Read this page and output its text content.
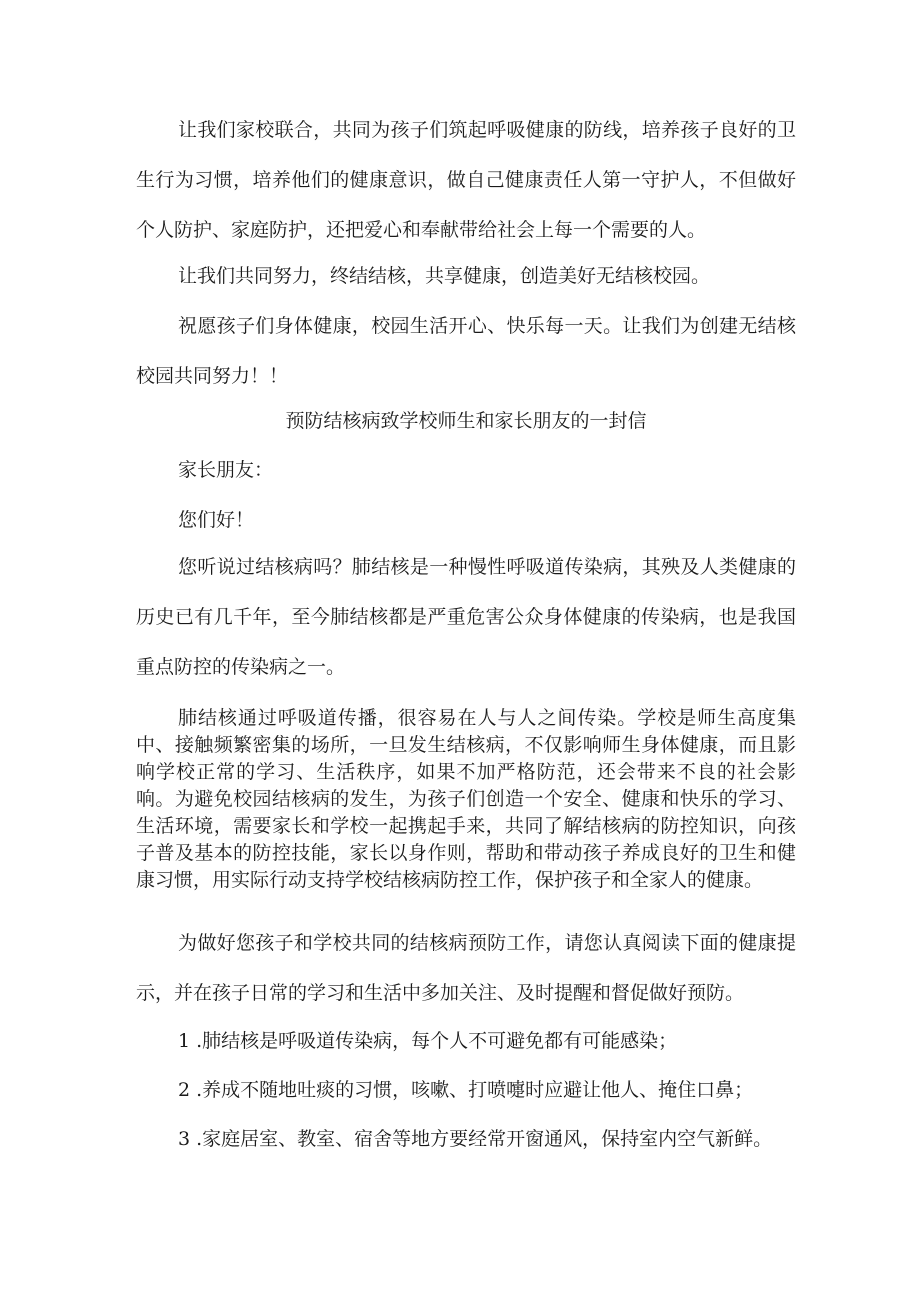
让我们家校联合，共同为孩子们筑起呼吸健康的防线，培养孩子良好的卫生行为习惯，培养他们的健康意识，做自己健康责任人第一守护人，不但做好个人防护、家庭防护，还把爱心和奉献带给社会上每一个需要的人。

让我们共同努力，终结结核，共享健康，创造美好无结核校园。

祝愿孩子们身体健康，校园生活开心、快乐每一天。让我们为创建无结核校园共同努力！！

预防结核病致学校师生和家长朋友的一封信

家长朋友：

您们好！

您听说过结核病吗？肺结核是一种慢性呼吸道传染病，其殃及人类健康的历史已有几千年，至今肺结核都是严重危害公众身体健康的传染病，也是我国重点防控的传染病之一。

肺结核通过呼吸道传播，很容易在人与人之间传染。学校是师生高度集中、接触频繁密集的场所，一旦发生结核病，不仅影响师生身体健康，而且影响学校正常的学习、生活秩序，如果不加严格防范，还会带来不良的社会影响。为避免校园结核病的发生，为孩子们创造一个安全、健康和快乐的学习、生活环境，需要家长和学校一起携起手来，共同了解结核病的防控知识，向孩子普及基本的防控技能，家长以身作则，帮助和带动孩子养成良好的卫生和健康习惯，用实际行动支持学校结核病防控工作，保护孩子和全家人的健康。

为做好您孩子和学校共同的结核病预防工作，请您认真阅读下面的健康提示，并在孩子日常的学习和生活中多加关注、及时提醒和督促做好预防。

1 .肺结核是呼吸道传染病，每个人不可避免都有可能感染；

2 .养成不随地吐痰的习惯，咳嗽、打喷嚏时应避让他人、掩住口鼻；

3 .家庭居室、教室、宿舍等地方要经常开窗通风，保持室内空气新鲜。
